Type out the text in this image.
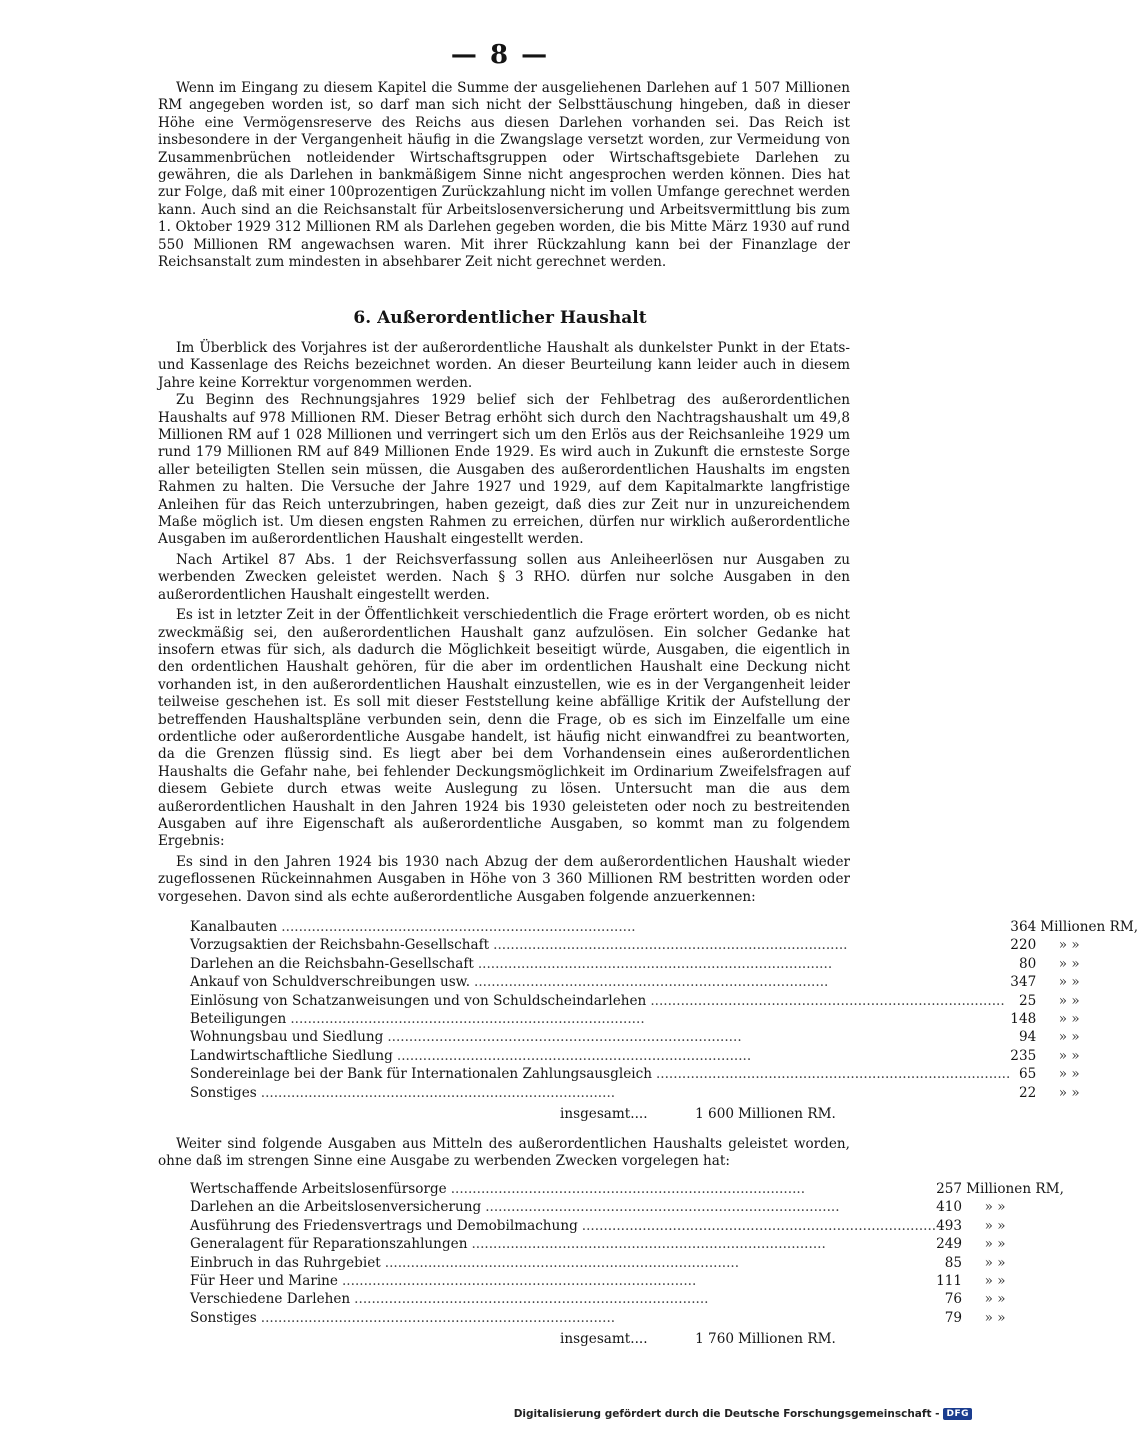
— 8 —

Wenn im Eingang zu diesem Kapitel die Summe der ausgeliehenen Darlehen auf 1 507 Millionen RM angegeben worden ist, so darf man sich nicht der Selbsttäuschung hingeben, daß in dieser Höhe eine Vermögensreserve des Reichs aus diesen Darlehen vorhanden sei. Das Reich ist insbesondere in der Vergangenheit häufig in die Zwangslage versetzt worden, zur Vermeidung von Zusammenbrüchen notleidender Wirtschaftsgruppen oder Wirtschaftsgebiete Darlehen zu gewähren, die als Darlehen in bankmäßigem Sinne nicht angesprochen werden können. Dies hat zur Folge, daß mit einer 100prozentigen Zurückzahlung nicht im vollen Umfange gerechnet werden kann. Auch sind an die Reichsanstalt für Arbeitslosenversicherung und Arbeitsvermittlung bis zum 1. Oktober 1929 312 Millionen RM als Darlehen gegeben worden, die bis Mitte März 1930 auf rund 550 Millionen RM angewachsen waren. Mit ihrer Rückzahlung kann bei der Finanzlage der Reichsanstalt zum mindesten in absehbarer Zeit nicht gerechnet werden.

6. Außerordentlicher Haushalt

Im Überblick des Vorjahres ist der außerordentliche Haushalt als dunkelster Punkt in der Etats- und Kassenlage des Reichs bezeichnet worden. An dieser Beurteilung kann leider auch in diesem Jahre keine Korrektur vorgenommen werden.

Zu Beginn des Rechnungsjahres 1929 belief sich der Fehlbetrag des außerordentlichen Haushalts auf 978 Millionen RM. Dieser Betrag erhöht sich durch den Nachtragshaushalt um 49,8 Millionen RM auf 1 028 Millionen und verringert sich um den Erlös aus der Reichsanleihe 1929 um rund 179 Millionen RM auf 849 Millionen Ende 1929. Es wird auch in Zukunft die ernsteste Sorge aller beteiligten Stellen sein müssen, die Ausgaben des außerordentlichen Haushalts im engsten Rahmen zu halten. Die Versuche der Jahre 1927 und 1929, auf dem Kapitalmarkte langfristige Anleihen für das Reich unterzubringen, haben gezeigt, daß dies zur Zeit nur in unzureichendem Maße möglich ist. Um diesen engsten Rahmen zu erreichen, dürfen nur wirklich außerordentliche Ausgaben im außerordentlichen Haushalt eingestellt werden.

Nach Artikel 87 Abs. 1 der Reichsverfassung sollen aus Anleiheerlösen nur Ausgaben zu werbenden Zwecken geleistet werden. Nach § 3 RHO. dürfen nur solche Ausgaben in den außerordentlichen Haushalt eingestellt werden.

Es ist in letzter Zeit in der Öffentlichkeit verschiedentlich die Frage erörtert worden, ob es nicht zweckmäßig sei, den außerordentlichen Haushalt ganz aufzulösen. Ein solcher Gedanke hat insofern etwas für sich, als dadurch die Möglichkeit beseitigt würde, Ausgaben, die eigentlich in den ordentlichen Haushalt gehören, für die aber im ordentlichen Haushalt eine Deckung nicht vorhanden ist, in den außerordentlichen Haushalt einzustellen, wie es in der Vergangenheit leider teilweise geschehen ist. Es soll mit dieser Feststellung keine abfällige Kritik der Aufstellung der betreffenden Haushaltspläne verbunden sein, denn die Frage, ob es sich im Einzelfalle um eine ordentliche oder außerordentliche Ausgabe handelt, ist häufig nicht einwandfrei zu beantworten, da die Grenzen flüssig sind. Es liegt aber bei dem Vorhandensein eines außerordentlichen Haushalts die Gefahr nahe, bei fehlender Deckungsmöglichkeit im Ordinarium Zweifelsfragen auf diesem Gebiete durch etwas weite Auslegung zu lösen. Untersucht man die aus dem außerordentlichen Haushalt in den Jahren 1924 bis 1930 geleisteten oder noch zu bestreitenden Ausgaben auf ihre Eigenschaft als außerordentliche Ausgaben, so kommt man zu folgendem Ergebnis:

Es sind in den Jahren 1924 bis 1930 nach Abzug der dem außerordentlichen Haushalt wieder zugeflossenen Rückeinnahmen Ausgaben in Höhe von 3 360 Millionen RM bestritten worden oder vorgesehen. Davon sind als echte außerordentliche Ausgaben folgende anzuerkennen:

Kanalbauten ..................................................................................	364	Millionen RM,
Vorzugsaktien der Reichsbahn-Gesellschaft ..................................................................................	220	» »
Darlehen an die Reichsbahn-Gesellschaft ..................................................................................	80	» »
Ankauf von Schuldverschreibungen usw. ..................................................................................	347	» »
Einlösung von Schatzanweisungen und von Schuldscheindarlehen ..................................................................................	25	» »
Beteiligungen ..................................................................................	148	» »
Wohnungsbau und Siedlung ..................................................................................	94	» »
Landwirtschaftliche Siedlung ..................................................................................	235	» »
Sondereinlage bei der Bank für Internationalen Zahlungsausgleich ..................................................................................	65	» »
Sonstiges ..................................................................................	22	» »
insgesamt....	1 600 Millionen RM.

Weiter sind folgende Ausgaben aus Mitteln des außerordentlichen Haushalts geleistet worden, ohne daß im strengen Sinne eine Ausgabe zu werbenden Zwecken vorgelegen hat:

Wertschaffende Arbeitslosenfürsorge ..................................................................................	257	Millionen RM,
Darlehen an die Arbeitslosenversicherung ..................................................................................	410	» »
Ausführung des Friedensvertrags und Demobilmachung ..................................................................................	493	» »
Generalagent für Reparationszahlungen ..................................................................................	249	» »
Einbruch in das Ruhrgebiet ..................................................................................	85	» »
Für Heer und Marine ..................................................................................	111	» »
Verschiedene Darlehen ..................................................................................	76	» »
Sonstiges ..................................................................................	79	» »
insgesamt....	1 760 Millionen RM.
Digitalisierung gefördert durch die Deutsche Forschungsgemeinschaft - DFG
